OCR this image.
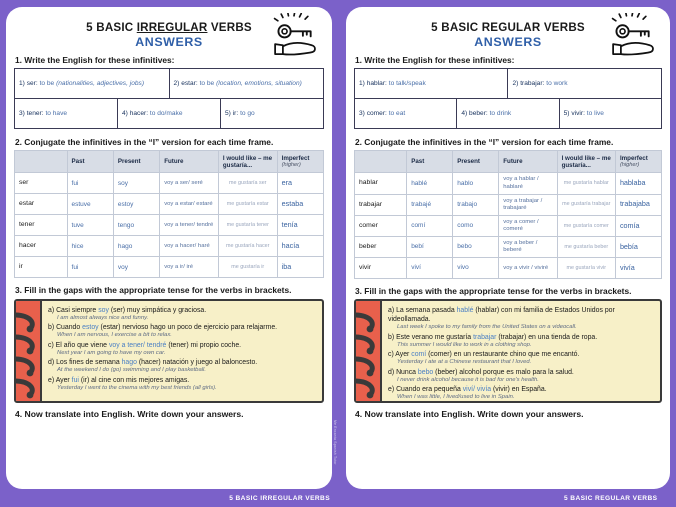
5 BASIC IRREGULAR VERBS
ANSWERS
1. Write the English for these infinitives:
1) ser: to be (nationalities, adjectives, jobs)		2) estar: to be (location, emotions, situation)	
3) tener: to have	4) hacer: to do/make		5) ir: to go
2. Conjugate the infinitives in the “I” version for each time frame.
	Past	Present	Future	I would like – me gustaría...	Imperfect
(higher)

ser	fui	soy	voy a ser/ seré	me gustaría ser	era
estar	estuve	estoy	voy a estar/ estaré	me gustaría estar	estaba
tener	tuve	tengo	voy a tener/ tendré	me gustaría tener	tenía
hacer	hice	hago	voy a hacer/ haré	me gustaría hacer	hacía
ir	fui	voy	voy a ir/ iré	me gustaría ir	iba
3. Fill in the gaps with the appropriate tense for the verbs in brackets.

a) Casi siempre soy (ser) muy simpática y graciosa.
I am almost always nice and funny.

b) Cuando estoy (estar) nervioso hago un poco de ejercicio para relajarme.
When I am nervous, I exercise a bit to relax.

c) El año que viene voy a tener/ tendré (tener) mi propio coche.
Next year I am going to have my own car.

d) Los fines de semana hago (hacer) natación y juego al baloncesto.
At the weekend I do (go) swimming and I play basketball.

e) Ayer fui (ir) al cine con mis mejores amigas.
Yesterday I went to the cinema with my best friends (all girls).

4. Now translate into English. Write down your answers.
Me Encanta Spanish Tutor
5 BASIC IRREGULAR VERBS
5 BASIC REGULAR VERBS
ANSWERS
1. Write the English for these infinitives:
1) hablar: to talk/speak		2) trabajar: to work	
3) comer: to eat	4) beber: to drink		5) vivir: to live
2. Conjugate the infinitives in the “I” version for each time frame.
	Past	Present	Future	I would like – me gustaría...	Imperfect
(higher)

hablar	hablé	hablo	voy a hablar / hablaré	me gustaría hablar	hablaba
trabajar	trabajé	trabajo	voy a trabajar / trabajaré	me gustaría trabajar	trabajaba
comer	comí	como	voy a comer / comeré	me gustaría comer	comía
beber	bebí	bebo	voy a beber / beberé	me gustaría beber	bebía
vivir	viví	vivo	voy a vivir / viviré	me gustaría vivir	vivía
3. Fill in the gaps with the appropriate tense for the verbs in brackets.

a) La semana pasada hablé (hablar) con mi familia de Estados Unidos por videollamada.
Last week I spoke to my family from the United States on a videocall.

b) Este verano me gustaría trabajar (trabajar) en una tienda de ropa.
This summer I would like to work in a clothing shop.

c) Ayer comí (comer) en un restaurante chino que me encantó.
Yesterday I ate at a Chinese restaurant that I loved.

d) Nunca bebo (beber) alcohol porque es malo para la salud.
I never drink alcohol because it is bad for one's health.

e) Cuando era pequeña viví/ vivía (vivir) en España.
When I was little, I lived/used to live in Spain.

4. Now translate into English. Write down your answers.
5 BASIC REGULAR VERBS
